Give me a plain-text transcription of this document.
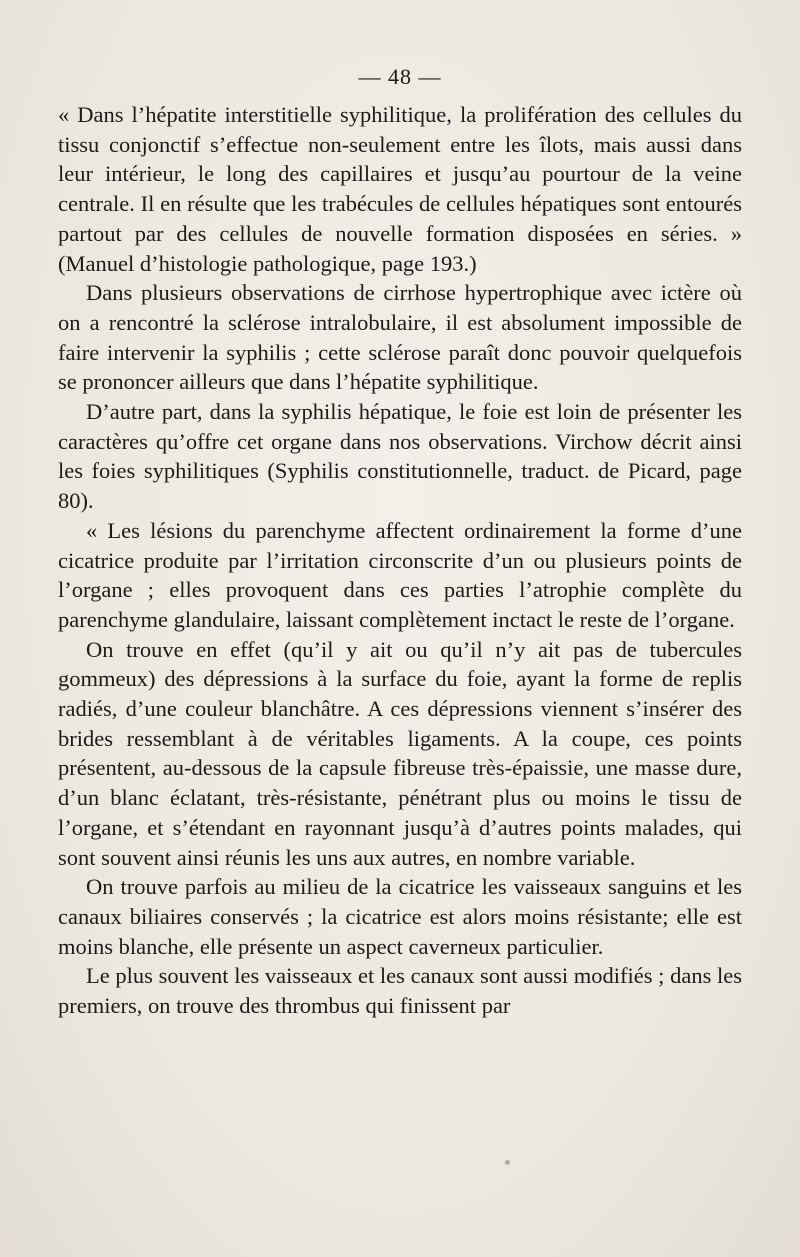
— 48 —

« Dans l’hépatite interstitielle syphilitique, la prolifération des cellules du tissu conjonctif s’effectue non-seulement entre les îlots, mais aussi dans leur intérieur, le long des capillaires et jusqu’au pourtour de la veine centrale. Il en résulte que les trabécules de cellules hépatiques sont entourés partout par des cellules de nouvelle formation disposées en séries. » (Manuel d’histologie pathologique, page 193.)

Dans plusieurs observations de cirrhose hypertrophique avec ictère où on a rencontré la sclérose intralobulaire, il est absolument impossible de faire intervenir la syphilis ; cette sclérose paraît donc pouvoir quelquefois se prononcer ailleurs que dans l’hépatite syphilitique.

D’autre part, dans la syphilis hépatique, le foie est loin de présenter les caractères qu’offre cet organe dans nos observations. Virchow décrit ainsi les foies syphilitiques (Syphilis constitutionnelle, traduct. de Picard, page 80).

« Les lésions du parenchyme affectent ordinairement la forme d’une cicatrice produite par l’irritation circonscrite d’un ou plusieurs points de l’organe ; elles provoquent dans ces parties l’atrophie complète du parenchyme glandulaire, laissant complètement inctact le reste de l’organe.

On trouve en effet (qu’il y ait ou qu’il n’y ait pas de tubercules gommeux) des dépressions à la surface du foie, ayant la forme de replis radiés, d’une couleur blanchâtre. A ces dépressions viennent s’insérer des brides ressemblant à de véritables ligaments. A la coupe, ces points présentent, au-dessous de la capsule fibreuse très-épaissie, une masse dure, d’un blanc éclatant, très-résistante, pénétrant plus ou moins le tissu de l’organe, et s’étendant en rayonnant jusqu’à d’autres points malades, qui sont souvent ainsi réunis les uns aux autres, en nombre variable.

On trouve parfois au milieu de la cicatrice les vaisseaux sanguins et les canaux biliaires conservés ; la cicatrice est alors moins résistante; elle est moins blanche, elle présente un aspect caverneux particulier.

Le plus souvent les vaisseaux et les canaux sont aussi modifiés ; dans les premiers, on trouve des thrombus qui finissent par
